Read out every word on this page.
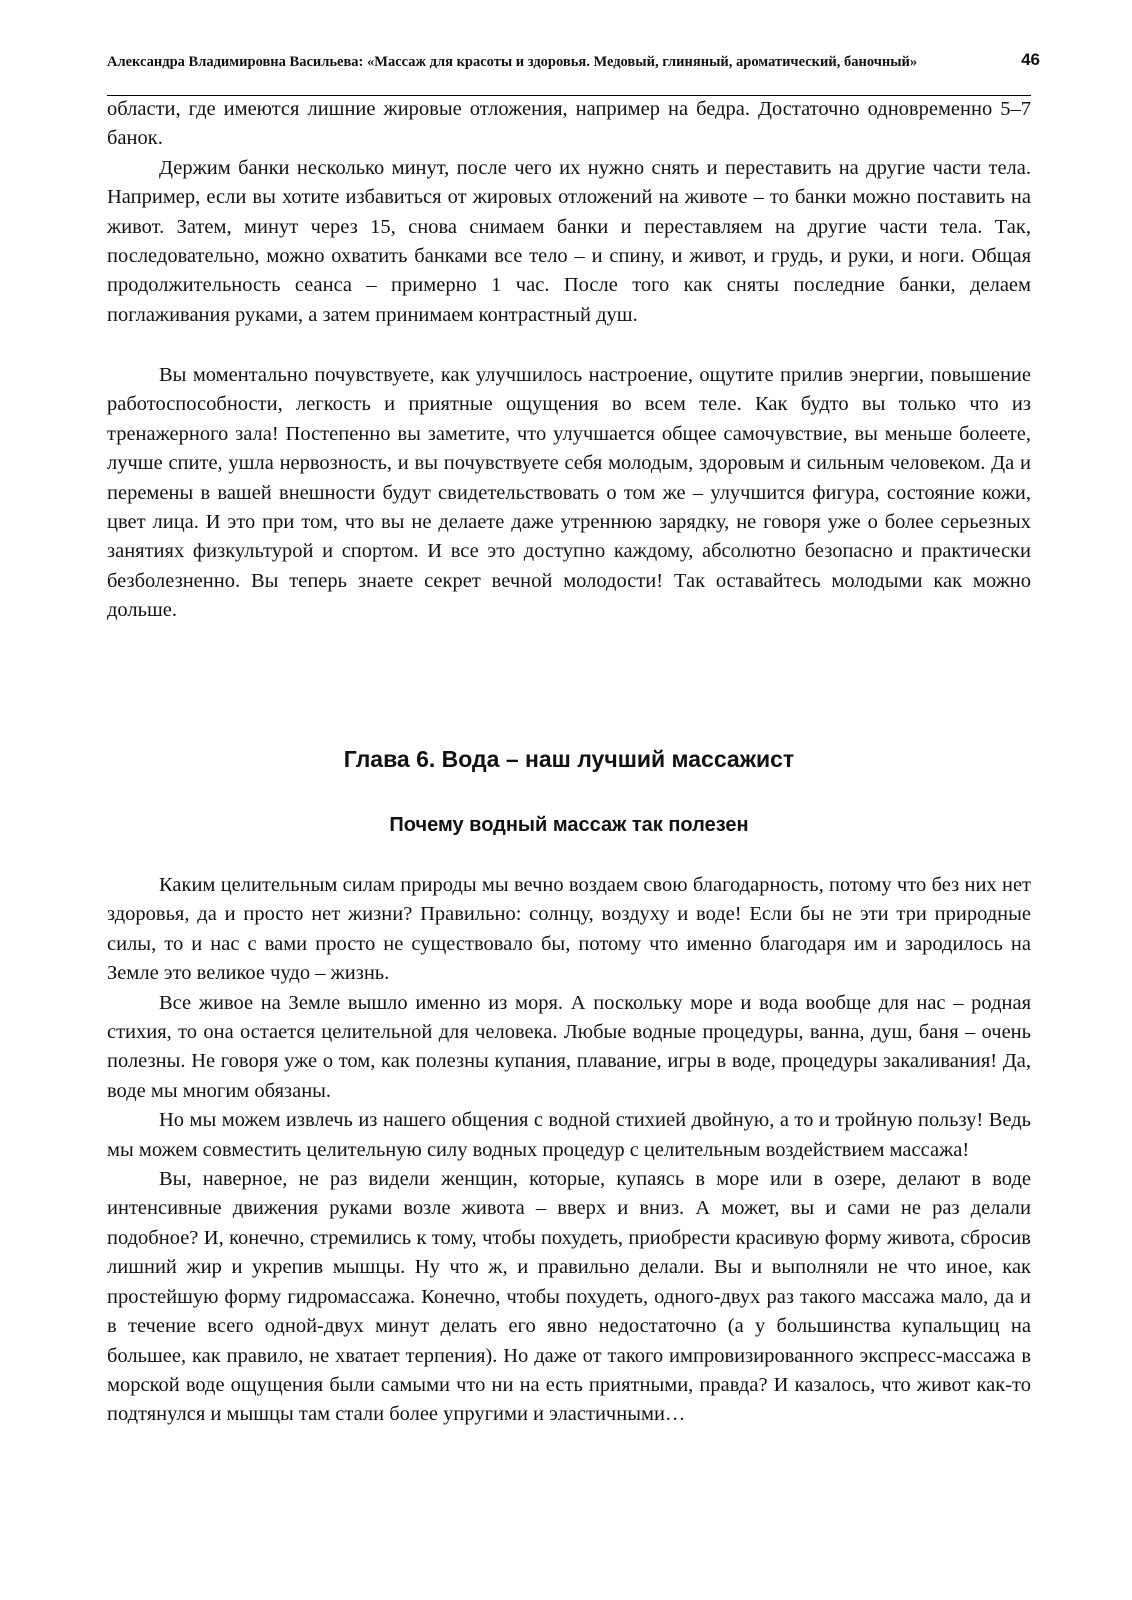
Александра Владимировна Васильева: «Массаж для красоты и здоровья. Медовый, глиняный, ароматический, баночный»	46

области, где имеются лишние жировые отложения, например на бедра. Достаточно одновременно 5–7 банок.

Держим банки несколько минут, после чего их нужно снять и переставить на другие части тела. Например, если вы хотите избавиться от жировых отложений на животе – то банки можно поставить на живот. Затем, минут через 15, снова снимаем банки и переставляем на другие части тела. Так, последовательно, можно охватить банками все тело – и спину, и живот, и грудь, и руки, и ноги. Общая продолжительность сеанса – примерно 1 час. После того как сняты последние банки, делаем поглаживания руками, а затем принимаем контрастный душ.

Вы моментально почувствуете, как улучшилось настроение, ощутите прилив энергии, повышение работоспособности, легкость и приятные ощущения во всем теле. Как будто вы только что из тренажерного зала! Постепенно вы заметите, что улучшается общее самочувствие, вы меньше болеете, лучше спите, ушла нервозность, и вы почувствуете себя молодым, здоровым и сильным человеком. Да и перемены в вашей внешности будут свидетельствовать о том же – улучшится фигура, состояние кожи, цвет лица. И это при том, что вы не делаете даже утреннюю зарядку, не говоря уже о более серьезных занятиях физкультурой и спортом. И все это доступно каждому, абсолютно безопасно и практически безболезненно. Вы теперь знаете секрет вечной молодости! Так оставайтесь молодыми как можно дольше.

Глава 6. Вода – наш лучший массажист
Почему водный массаж так полезен

Каким целительным силам природы мы вечно воздаем свою благодарность, потому что без них нет здоровья, да и просто нет жизни? Правильно: солнцу, воздуху и воде! Если бы не эти три природные силы, то и нас с вами просто не существовало бы, потому что именно благодаря им и зародилось на Земле это великое чудо – жизнь.

Все живое на Земле вышло именно из моря. А поскольку море и вода вообще для нас – родная стихия, то она остается целительной для человека. Любые водные процедуры, ванна, душ, баня – очень полезны. Не говоря уже о том, как полезны купания, плавание, игры в воде, процедуры закаливания! Да, воде мы многим обязаны.

Но мы можем извлечь из нашего общения с водной стихией двойную, а то и тройную пользу! Ведь мы можем совместить целительную силу водных процедур с целительным воздействием массажа!

Вы, наверное, не раз видели женщин, которые, купаясь в море или в озере, делают в воде интенсивные движения руками возле живота – вверх и вниз. А может, вы и сами не раз делали подобное? И, конечно, стремились к тому, чтобы похудеть, приобрести красивую форму живота, сбросив лишний жир и укрепив мышцы. Ну что ж, и правильно делали. Вы и выполняли не что иное, как простейшую форму гидромассажа. Конечно, чтобы похудеть, одного-двух раз такого массажа мало, да и в течение всего одной-двух минут делать его явно недостаточно (а у большинства купальщиц на большее, как правило, не хватает терпения). Но даже от такого импровизированного экспресс-массажа в морской воде ощущения были самыми что ни на есть приятными, правда? И казалось, что живот как-то подтянулся и мышцы там стали более упругими и эластичными…
